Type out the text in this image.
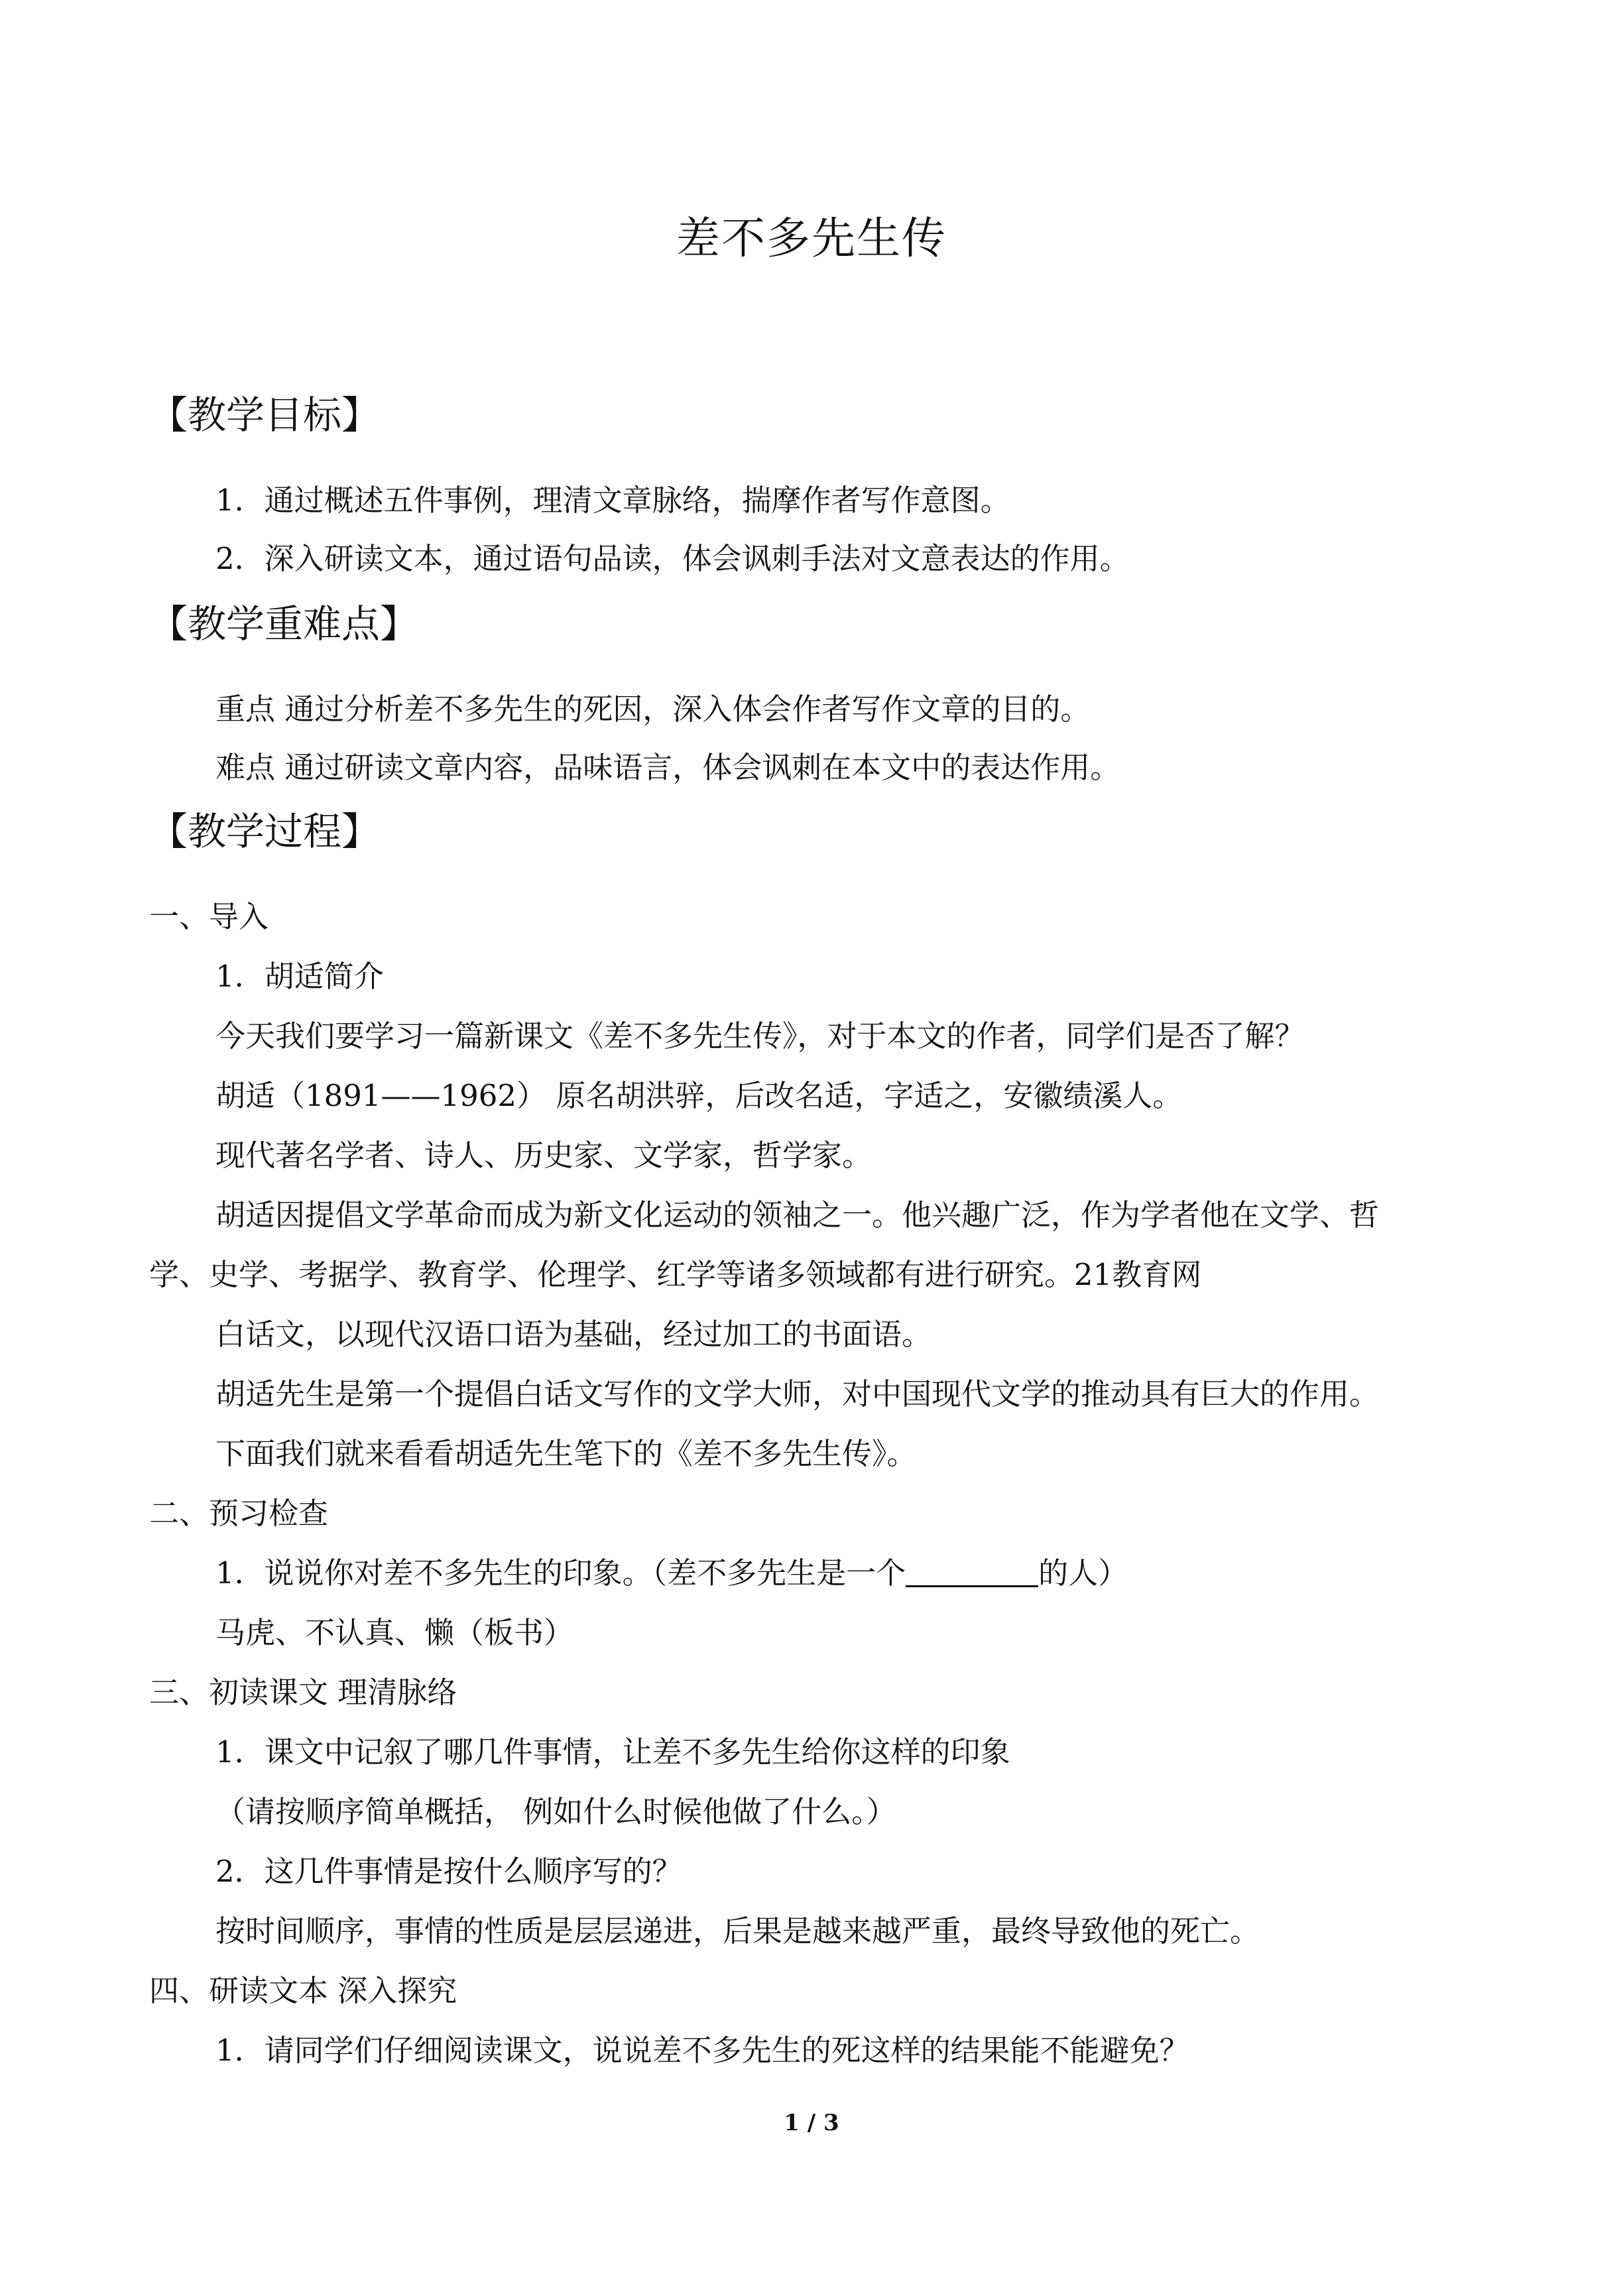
差不多先生传
【教学目标】
1．通过概述五件事例，理清文章脉络，揣摩作者写作意图。
2．深入研读文本，通过语句品读，体会讽刺手法对文意表达的作用。
【教学重难点】
重点 通过分析差不多先生的死因，深入体会作者写作文章的目的。
难点 通过研读文章内容，品味语言，体会讽刺在本文中的表达作用。
【教学过程】
一、导入
1．胡适简介
今天我们要学习一篇新课文《差不多先生传》，对于本文的作者，同学们是否了解？
胡适（1891——1962） 原名胡洪骍，后改名适，字适之，安徽绩溪人。
现代著名学者、诗人、历史家、文学家，哲学家。
胡适因提倡文学革命而成为新文化运动的领袖之一。他兴趣广泛，作为学者他在文学、哲
学、史学、考据学、教育学、伦理学、红学等诸多领域都有进行研究。21教育网
白话文，以现代汉语口语为基础，经过加工的书面语。
胡适先生是第一个提倡白话文写作的文学大师，对中国现代文学的推动具有巨大的作用。
下面我们就来看看胡适先生笔下的《差不多先生传》。
二、预习检查
1．说说你对差不多先生的印象。（差不多先生是一个	的人）
马虎、不认真、懒（板书）
三、初读课文 理清脉络
1．课文中记叙了哪几件事情，让差不多先生给你这样的印象
（请按顺序简单概括， 例如什么时候他做了什么。）
2．这几件事情是按什么顺序写的？
按时间顺序，事情的性质是层层递进，后果是越来越严重，最终导致他的死亡。
四、研读文本 深入探究
1．请同学们仔细阅读课文，说说差不多先生的死这样的结果能不能避免？
1 / 3
